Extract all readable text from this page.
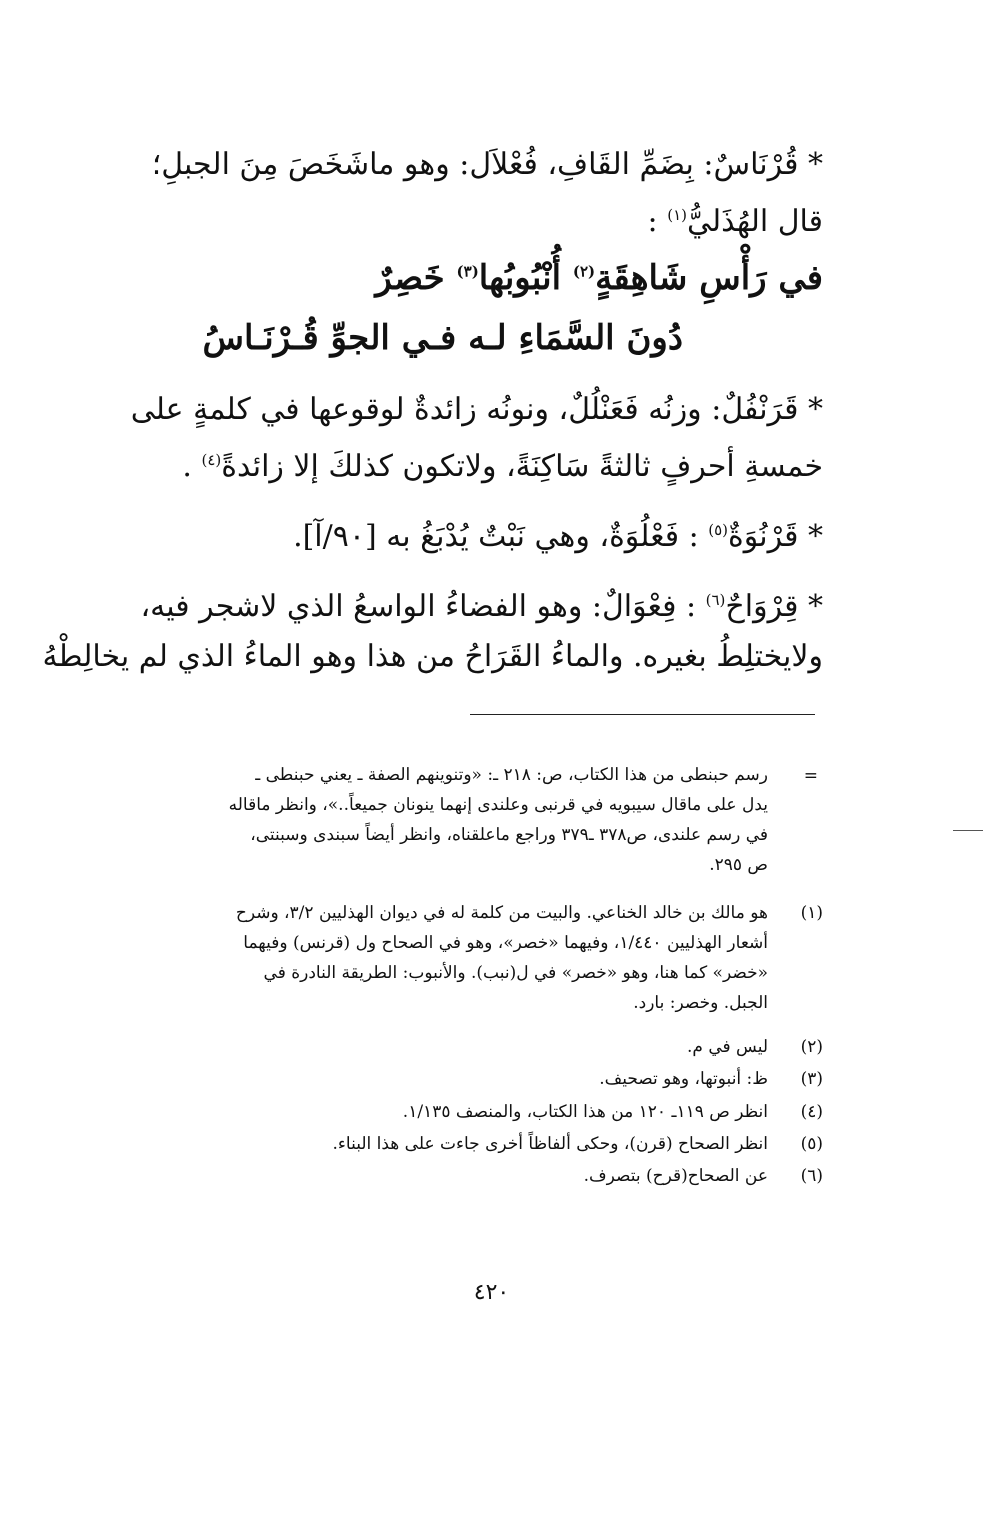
* قُرْنَاسٌ: بِضَمِّ القَافِ، فُعْلاَل: وهو ماشَخَصَ مِنَ الجبلِ؛
قال الهُذَليُّ$^{(١)}$ :
في رَأْسِ شَاهِقَةٍ$^{(٢)}$ أُنْبُوبُها$^{(٣)}$ خَصِرٌ
دُونَ السَّمَاءِ لـه فـي الجوِّ قُـرْنَـاسُ
* قَرَنْفُلٌ: وزنُه فَعَنْلُلٌ، ونونُه زائدةٌ لوقوعها في كلمةٍ على
خمسةِ أحرفٍ ثالثةً سَاكِنَةً، ولاتكون كذلكَ إلا زائدةً$^{(٤)}$ .
* قَرْنُوَةٌ$^{(٥)}$ : فَعْلُوَةٌ، وهي نَبْتٌ يُدْبَغُ به [٩٠/آ].
* قِرْوَاحٌ$^{(٦)}$ : فِعْوَالٌ: وهو الفضاءُ الواسعُ الذي لاشجر فيه،
ولايختلِطُ بغيره. والماءُ القَرَاحُ من هذا وهو الماءُ الذي لم يخالِطْهُ
=
رسم حبنطى من هذا الكتاب، ص: ٢١٨ ـ: «وتنوينهم الصفة ـ يعني حبنطى ـ
يدل على ماقال سيبويه في قرنبى وعلندى إنهما ينونان جميعاً..»، وانظر ماقاله
في رسم علندى، ص٣٧٨ ـ٣٧٩ وراجع ماعلقناه، وانظر أيضاً سبندى وسبنتى،
ص ٢٩٥.
(١)
هو مالك بن خالد الخناعي. والبيت من كلمة له في ديوان الهذليين ٣/٢، وشرح
أشعار الهذليين ١/٤٤٠، وفيهما «خصر»، وهو في الصحاح ول (قرنس) وفيهما
«خضر» كما هنا، وهو «خصر» في ل(نبب). والأنبوب: الطريقة النادرة في
الجبل. وخصر: بارد.
(٢)
ليس في م.
(٣)
ظ: أنبوتها، وهو تصحيف.
(٤)
انظر ص ١١٩ـ ١٢٠ من هذا الكتاب، والمنصف ١/١٣٥.
(٥)
انظر الصحاح (قرن)، وحكى ألفاظاً أخرى جاءت على هذا البناء.
(٦)
عن الصحاح(قرح) بتصرف.
٤٢٠
